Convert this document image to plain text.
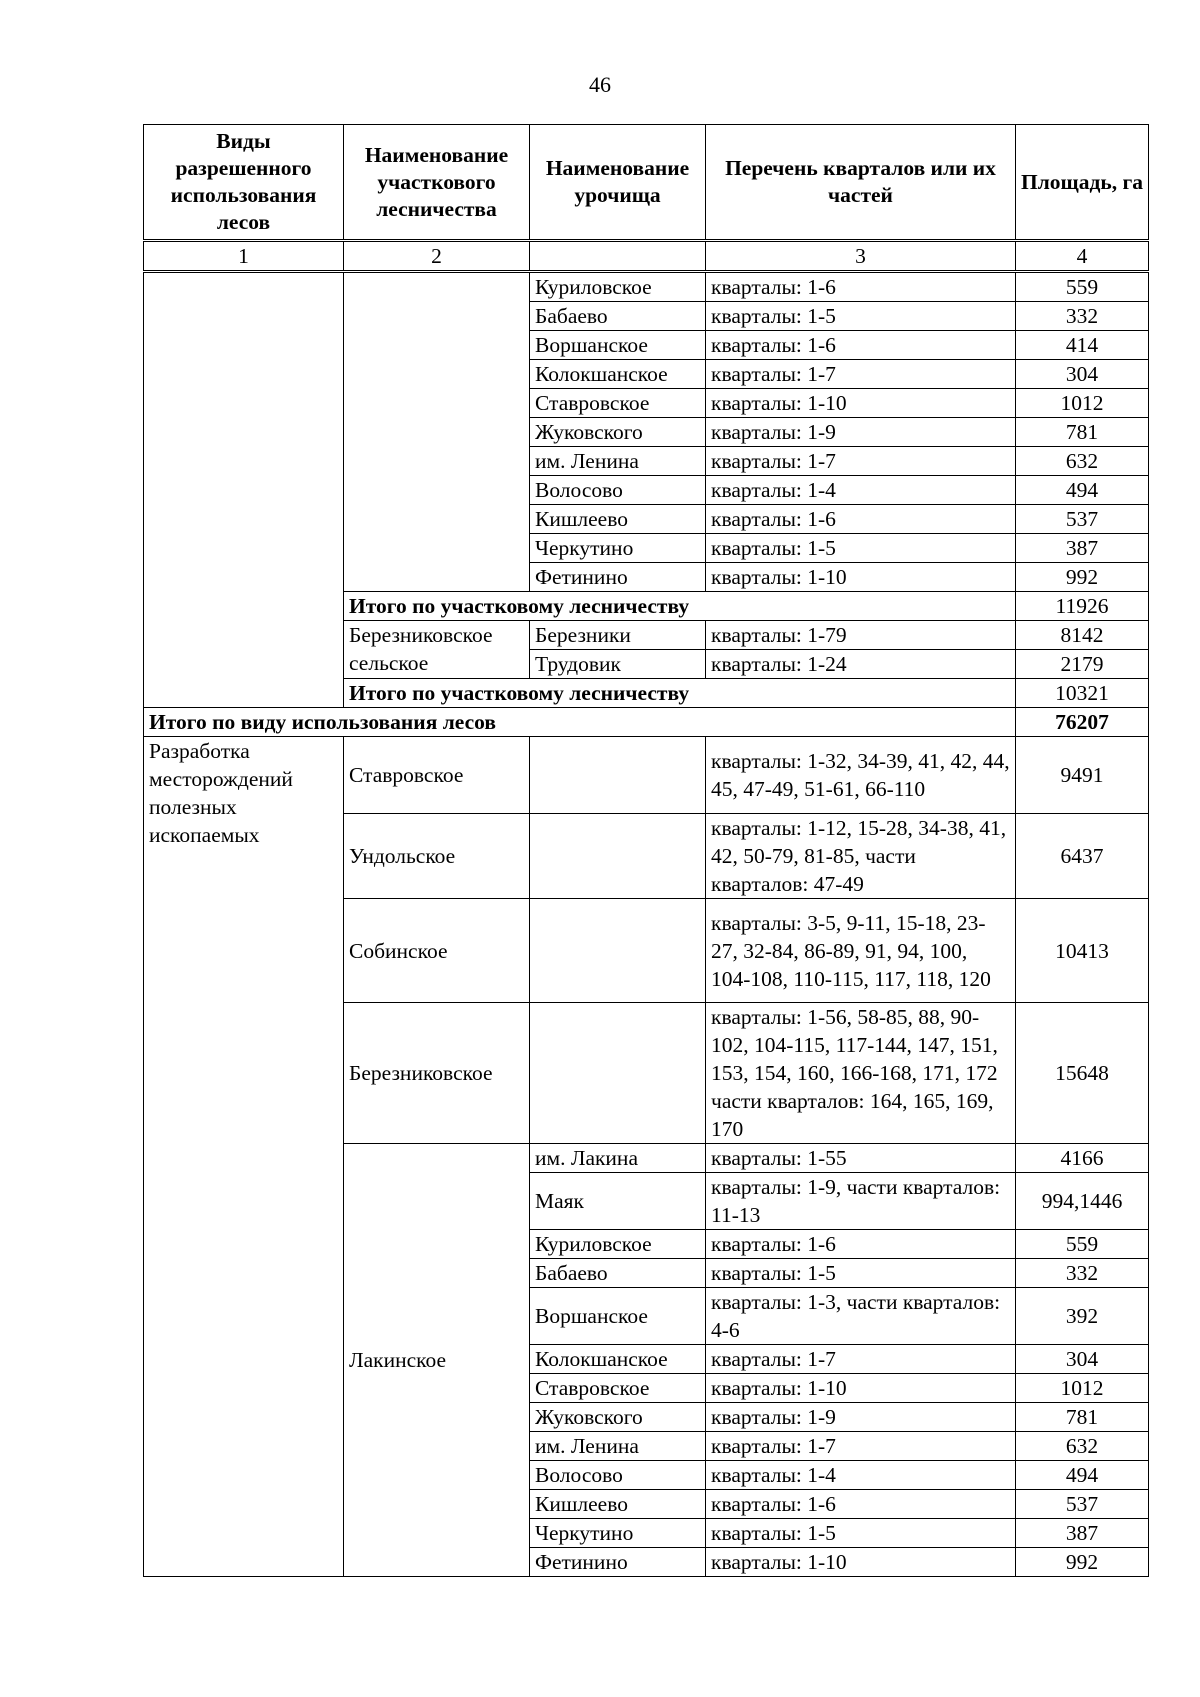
46
Виды разрешенного использования лесов	Наименование участкового лесничества	Наименование урочища	Перечень кварталов или их частей	Площадь, га
1	2		3	4
		Куриловское	кварталы: 1-6	559
		Бабаево	кварталы: 1-5	332
		Воршанское	кварталы: 1-6	414
		Колокшанское	кварталы: 1-7	304
		Ставровское	кварталы: 1-10	1012
		Жуковского	кварталы: 1-9	781
		им. Ленина	кварталы: 1-7	632
		Волосово	кварталы: 1-4	494
		Кишлеево	кварталы: 1-6	537
		Черкутино	кварталы: 1-5	387
		Фетинино	кварталы: 1-10	992
	Итого по участковому лесничеству			11926
	Березниковское сельское	Березники	кварталы: 1-79	8142
		Трудовик	кварталы: 1-24	2179
	Итого по участковому лесничеству			10321
Итого по виду использования лесов				76207
Разработка месторождений полезных ископаемых	Ставровское		кварталы: 1-32, 34-39, 41, 42, 44, 45, 47-49, 51-61, 66-110	9491
	Ундольское		кварталы: 1-12, 15-28, 34-38, 41, 42, 50-79, 81-85, части кварталов: 47-49	6437
	Собинское		кварталы: 3-5, 9-11, 15-18, 23-27, 32-84, 86-89, 91, 94, 100, 104-108, 110-115, 117, 118, 120	10413
	Березниковское		кварталы: 1-56, 58-85, 88, 90-102, 104-115, 117-144, 147, 151, 153, 154, 160, 166-168, 171, 172 части кварталов: 164, 165, 169, 170	15648
	Лакинское	им. Лакина	кварталы: 1-55	4166
		Маяк	кварталы: 1-9, части кварталов: 11-13	994,1446
		Куриловское	кварталы: 1-6	559
		Бабаево	кварталы: 1-5	332
		Воршанское	кварталы: 1-3, части кварталов: 4-6	392
		Колокшанское	кварталы: 1-7	304
		Ставровское	кварталы: 1-10	1012
		Жуковского	кварталы: 1-9	781
		им. Ленина	кварталы: 1-7	632
		Волосово	кварталы: 1-4	494
		Кишлеево	кварталы: 1-6	537
		Черкутино	кварталы: 1-5	387
		Фетинино	кварталы: 1-10	992
